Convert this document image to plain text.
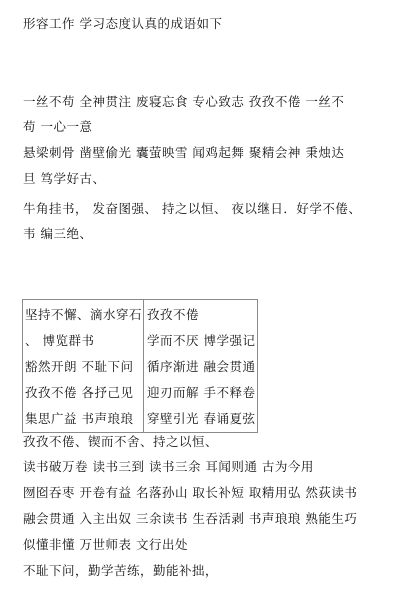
形容工作 学习态度认真的成语如下
一丝不苟 全神贯注 废寝忘食 专心致志 孜孜不倦 一丝不
苟 一心一意
悬梁刺骨 凿壁偷光 囊萤映雪 闻鸡起舞 聚精会神 秉烛达
旦 笃学好古、
牛角挂书， 发奋图强、 持之以恒、 夜以继日．好学不倦、
韦 编三绝、
坚持不懈、滴水穿石
、 博览群书
豁然开朗 不耻下问
孜孜不倦 各抒己见
集思广益 书声琅琅
孜孜不倦
学而不厌 博学强记
循序渐进 融会贯通
迎刃而解 手不释卷
穿壁引光 春诵夏弦
孜孜不倦、锲而不舍、持之以恒、
读书破万卷 读书三到 读书三余 耳闻则通 古为今用
囫囵吞枣 开卷有益 名落孙山 取长补短 取精用弘 然荻读书
融会贯通 入主出奴 三余读书 生吞活剥 书声琅琅 熟能生巧
似懂非懂 万世师表 文行出处
不耻下问，勤学苦练，勤能补拙，
